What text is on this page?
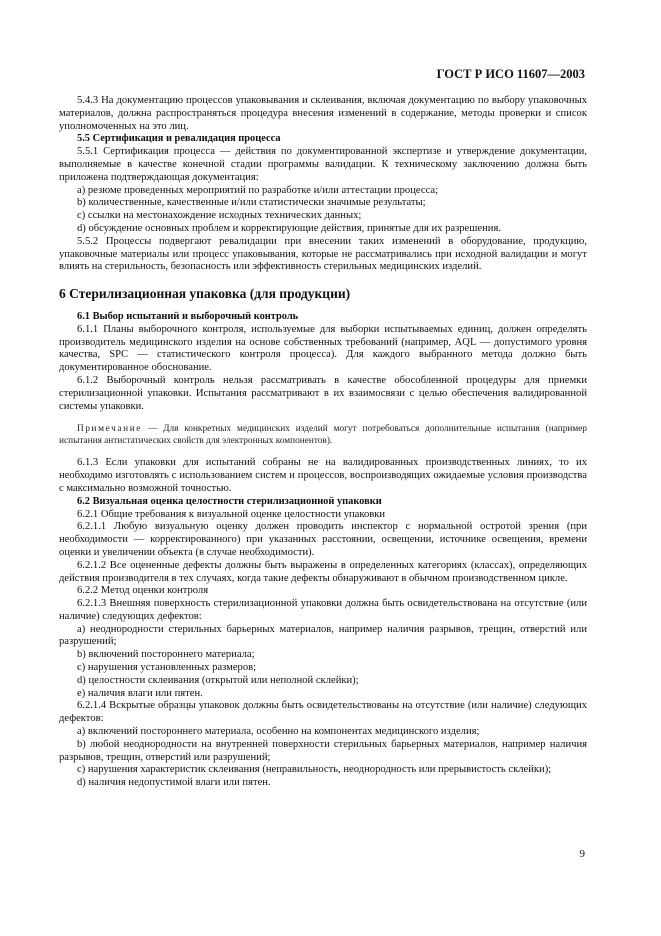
ГОСТ Р ИСО 11607—2003
5.4.3 На документацию процессов упаковывания и склеивания, включая документацию по выбору упаковочных материалов, должна распространяться процедура внесения изменений в содержание, методы проверки и список уполномоченных на это лиц.
5.5 Сертификация и ревалидация процесса
5.5.1 Сертификация процесса — действия по документированной экспертизе и утверждение документации, выполняемые в качестве конечной стадии программы валидации. К техническому заключению должна быть приложена подтверждающая документация:
a) резюме проведенных мероприятий по разработке и/или аттестации процесса;
b) количественные, качественные и/или статистически значимые результаты;
c) ссылки на местонахождение исходных технических данных;
d) обсуждение основных проблем и корректирующие действия, принятые для их разрешения.
5.5.2 Процессы подвергают ревалидации при внесении таких изменений в оборудование, продукцию, упаковочные материалы или процесс упаковывания, которые не рассматривались при исходной валидации и могут влиять на стерильность, безопасность или эффективность стерильных медицинских изделий.
6 Стерилизационная упаковка (для продукции)
6.1 Выбор испытаний и выборочный контроль
6.1.1 Планы выборочного контроля, используемые для выборки испытываемых единиц, должен определять производитель медицинского изделия на основе собственных требований (например, AQL — допустимого уровня качества, SPC — статистического контроля процесса). Для каждого выбранного метода должно быть документированное обоснование.
6.1.2 Выборочный контроль нельзя рассматривать в качестве обособленной процедуры для приемки стерилизационной упаковки. Испытания рассматривают в их взаимосвязи с целью обеспечения валидированной системы упаковки.
Примечание — Для конкретных медицинских изделий могут потребоваться дополнительные испытания (например испытания антистатических свойств для электронных компонентов).
6.1.3 Если упаковки для испытаний собраны не на валидированных производственных линиях, то их необходимо изготовлять с использованием систем и процессов, воспроизводящих ожидаемые условия производства с максимально возможной точностью.
6.2 Визуальная оценка целостности стерилизационной упаковки
6.2.1 Общие требования к визуальной оценке целостности упаковки
6.2.1.1 Любую визуальную оценку должен проводить инспектор с нормальной остротой зрения (при необходимости — корректированного) при указанных расстоянии, освещении, источнике освещения, времени оценки и увеличении объекта (в случае необходимости).
6.2.1.2 Все оцененные дефекты должны быть выражены в определенных категориях (классах), определяющих действия производителя в тех случаях, когда такие дефекты обнаруживают в обычном производственном цикле.
6.2.2 Метод оценки контроля
6.2.1.3 Внешняя поверхность стерилизационной упаковки должна быть освидетельствована на отсутствие (или наличие) следующих дефектов:
a) неоднородности стерильных барьерных материалов, например наличия разрывов, трещин, отверстий или разрушений;
b) включений постороннего материала;
c) нарушения установленных размеров;
d) целостности склеивания (открытой или неполной склейки);
e) наличия влаги или пятен.
6.2.1.4 Вскрытые образцы упаковок должны быть освидетельствованы на отсутствие (или наличие) следующих дефектов:
a) включений постороннего материала, особенно на компонентах медицинского изделия;
b) любой неоднородности на внутренней поверхности стерильных барьерных материалов, например наличия разрывов, трещин, отверстий или разрушений;
c) нарушения характеристик склеивания (неправильность, неоднородность или прерывистость склейки);
d) наличия недопустимой влаги или пятен.
9
